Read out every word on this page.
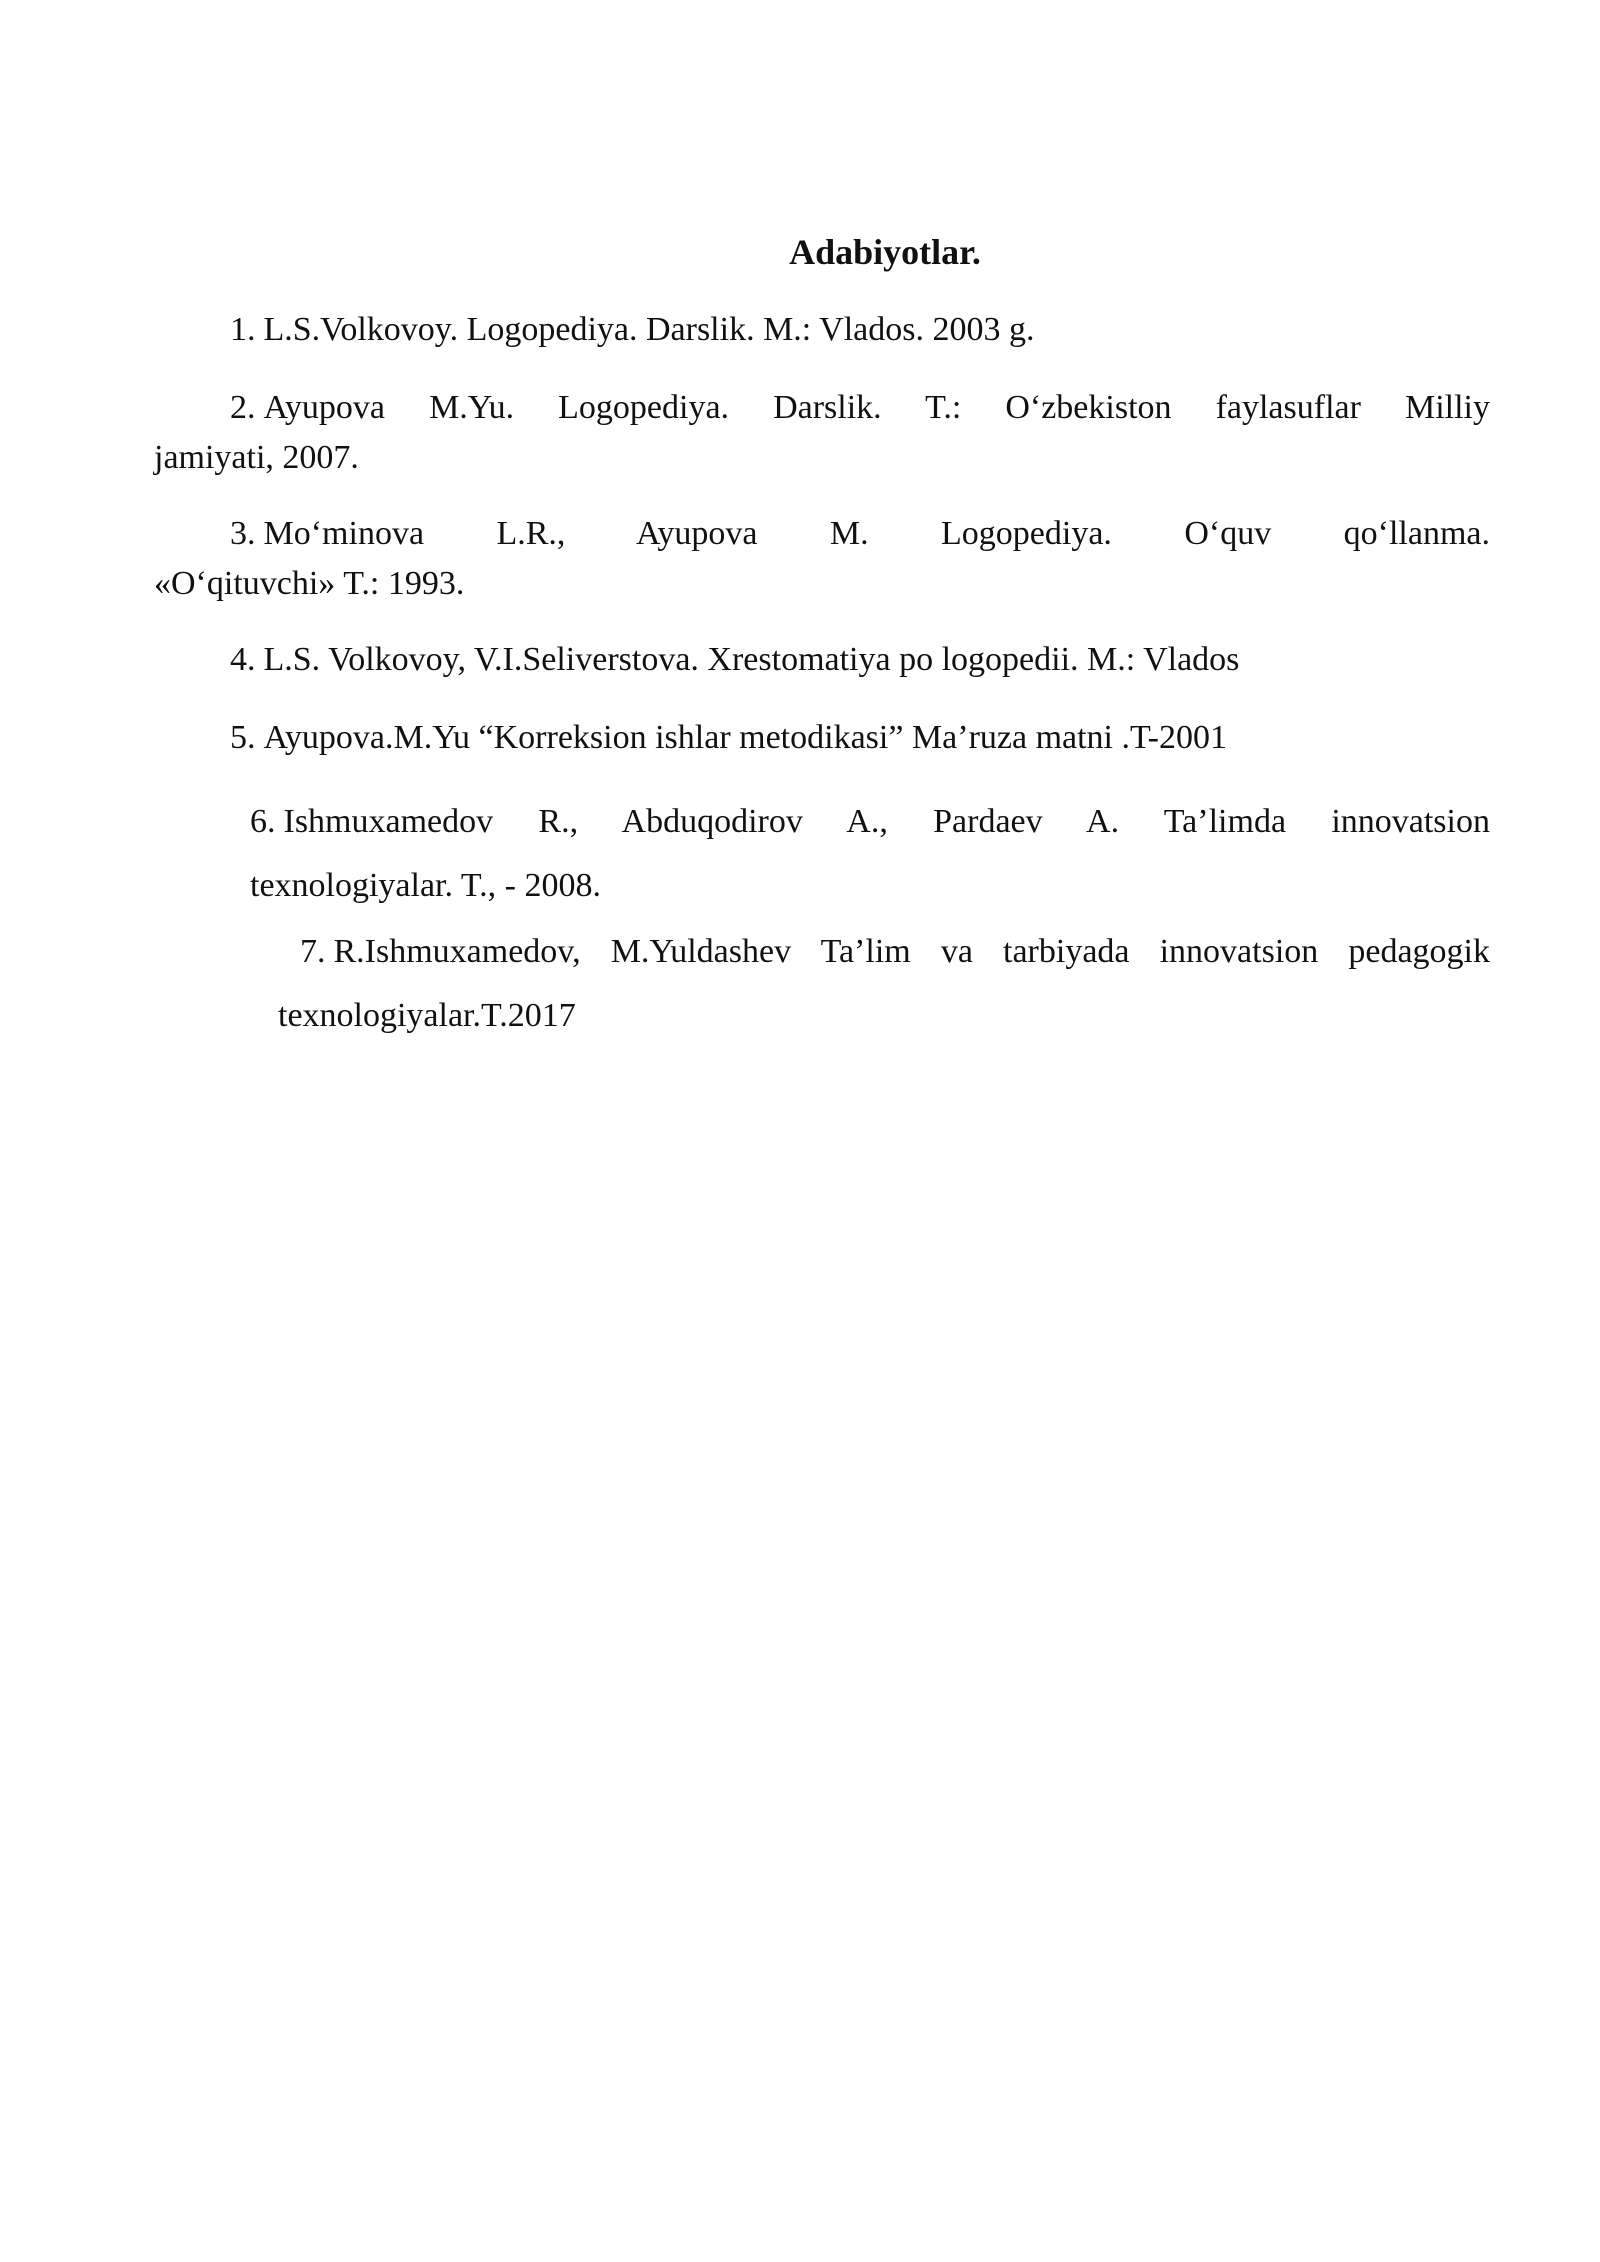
Adabiyotlar.

1. L.S.Volkovoy. Logopediya. Darslik. M.: Vlados. 2003 g.

2. Ayupova M.Yu. Logopediya. Darslik. T.: O‘zbekiston faylasuflar Milliy
jamiyati, 2007.
3. Mo‘minova L.R., Ayupova M. Logopediya. O‘quv qo‘llanma.
«O‘qituvchi» T.: 1993.

4. L.S. Volkovoy, V.I.Seliverstova. Xrestomatiya po logopedii. M.: Vlados

5. Ayupova.M.Yu “Korreksion ishlar metodikasi” Ma’ruza matni .T-2001

6. Ishmuxamedov R., Abduqodirov A., Pardaev A. Ta’limda innovatsion
texnologiyalar. T., - 2008.
7. R.Ishmuxamedov, M.Yuldashev Ta’lim va tarbiyada innovatsion pedagogik
texnologiyalar.T.2017
